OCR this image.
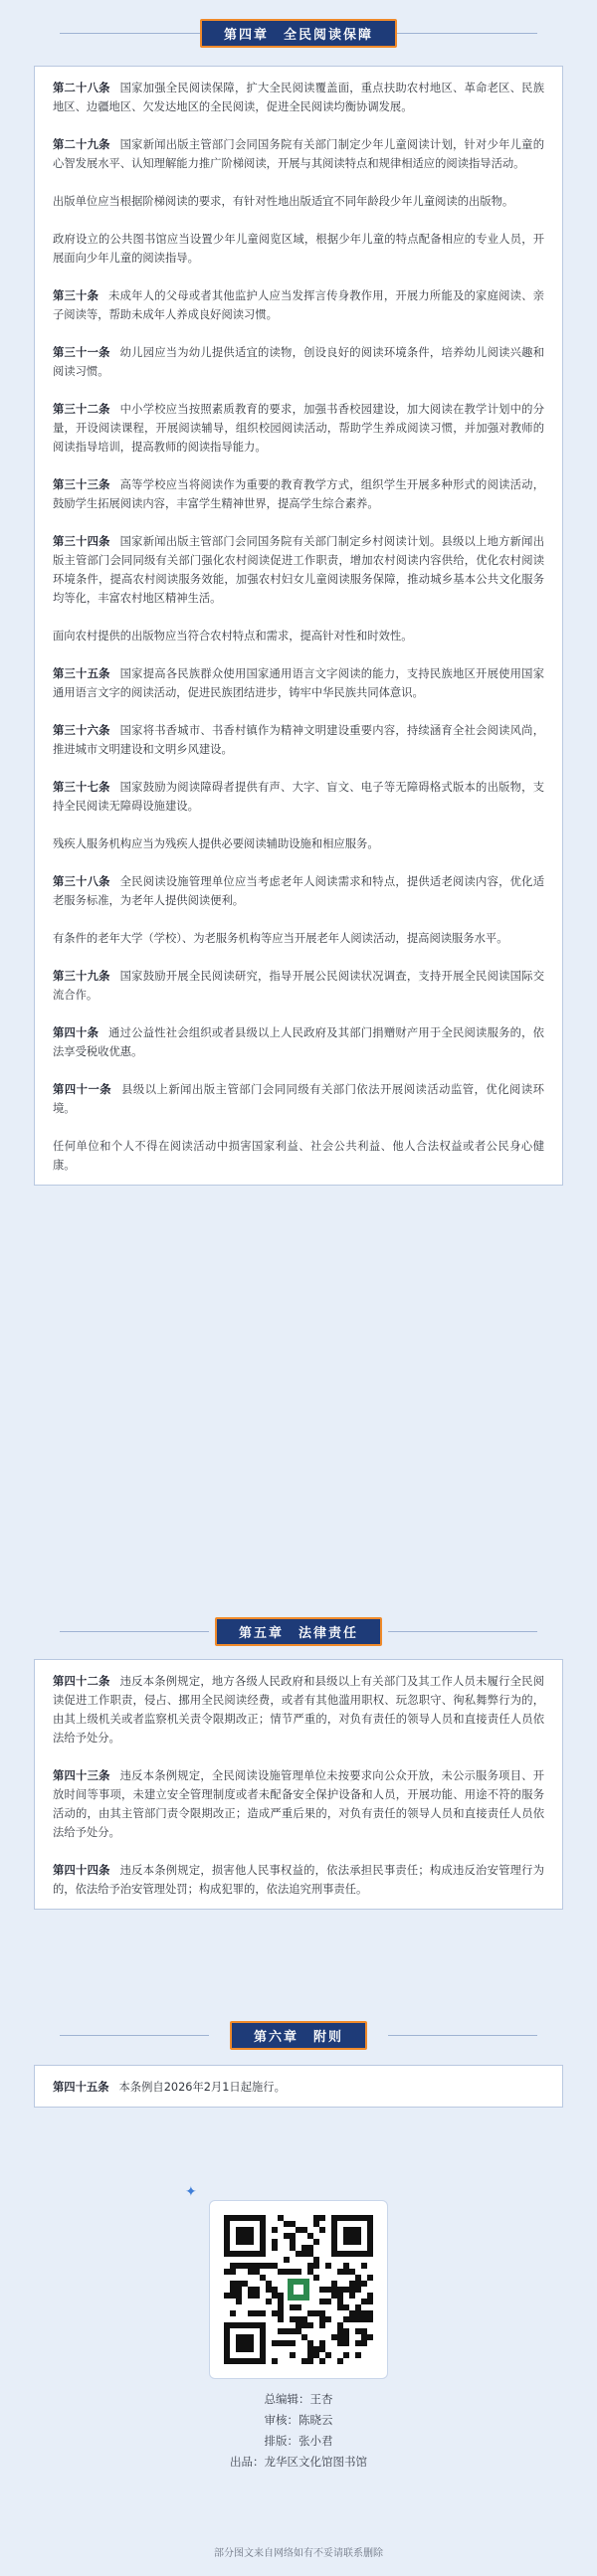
第四章　全民阅读保障

第二十八条 国家加强全民阅读保障，扩大全民阅读覆盖面，重点扶助农村地区、革命老区、民族地区、边疆地区、欠发达地区的全民阅读，促进全民阅读均衡协调发展。

第二十九条 国家新闻出版主管部门会同国务院有关部门制定少年儿童阅读计划，针对少年儿童的心智发展水平、认知理解能力推广阶梯阅读，开展与其阅读特点和规律相适应的阅读指导活动。

出版单位应当根据阶梯阅读的要求，有针对性地出版适宜不同年龄段少年儿童阅读的出版物。

政府设立的公共图书馆应当设置少年儿童阅览区域，根据少年儿童的特点配备相应的专业人员，开展面向少年儿童的阅读指导。

第三十条 未成年人的父母或者其他监护人应当发挥言传身教作用，开展力所能及的家庭阅读、亲子阅读等，帮助未成年人养成良好阅读习惯。

第三十一条 幼儿园应当为幼儿提供适宜的读物，创设良好的阅读环境条件，培养幼儿阅读兴趣和阅读习惯。

第三十二条 中小学校应当按照素质教育的要求，加强书香校园建设，加大阅读在教学计划中的分量，开设阅读课程，开展阅读辅导，组织校园阅读活动，帮助学生养成阅读习惯，并加强对教师的阅读指导培训，提高教师的阅读指导能力。

第三十三条 高等学校应当将阅读作为重要的教育教学方式，组织学生开展多种形式的阅读活动，鼓励学生拓展阅读内容，丰富学生精神世界，提高学生综合素养。

第三十四条 国家新闻出版主管部门会同国务院有关部门制定乡村阅读计划。县级以上地方新闻出版主管部门会同同级有关部门强化农村阅读促进工作职责，增加农村阅读内容供给，优化农村阅读环境条件，提高农村阅读服务效能，加强农村妇女儿童阅读服务保障，推动城乡基本公共文化服务均等化，丰富农村地区精神生活。

面向农村提供的出版物应当符合农村特点和需求，提高针对性和时效性。

第三十五条 国家提高各民族群众使用国家通用语言文字阅读的能力，支持民族地区开展使用国家通用语言文字的阅读活动，促进民族团结进步，铸牢中华民族共同体意识。

第三十六条 国家将书香城市、书香村镇作为精神文明建设重要内容，持续涵育全社会阅读风尚，推进城市文明建设和文明乡风建设。

第三十七条 国家鼓励为阅读障碍者提供有声、大字、盲文、电子等无障碍格式版本的出版物，支持全民阅读无障碍设施建设。

残疾人服务机构应当为残疾人提供必要阅读辅助设施和相应服务。

第三十八条 全民阅读设施管理单位应当考虑老年人阅读需求和特点，提供适老阅读内容，优化适老服务标准，为老年人提供阅读便利。

有条件的老年大学（学校）、为老服务机构等应当开展老年人阅读活动，提高阅读服务水平。

第三十九条 国家鼓励开展全民阅读研究，指导开展公民阅读状况调查，支持开展全民阅读国际交流合作。

第四十条 通过公益性社会组织或者县级以上人民政府及其部门捐赠财产用于全民阅读服务的，依法享受税收优惠。

第四十一条 县级以上新闻出版主管部门会同同级有关部门依法开展阅读活动监管，优化阅读环境。

任何单位和个人不得在阅读活动中损害国家利益、社会公共利益、他人合法权益或者公民身心健康。

第五章　法律责任

第四十二条 违反本条例规定，地方各级人民政府和县级以上有关部门及其工作人员未履行全民阅读促进工作职责，侵占、挪用全民阅读经费，或者有其他滥用职权、玩忽职守、徇私舞弊行为的，由其上级机关或者监察机关责令限期改正；情节严重的，对负有责任的领导人员和直接责任人员依法给予处分。

第四十三条 违反本条例规定，全民阅读设施管理单位未按要求向公众开放，未公示服务项目、开放时间等事项，未建立安全管理制度或者未配备安全保护设备和人员，开展功能、用途不符的服务活动的，由其主管部门责令限期改正；造成严重后果的，对负有责任的领导人员和直接责任人员依法给予处分。

第四十四条 违反本条例规定，损害他人民事权益的，依法承担民事责任；构成违反治安管理行为的，依法给予治安管理处罚；构成犯罪的，依法追究刑事责任。

第六章　附则

第四十五条 本条例自2026年2月1日起施行。

✦
总编辑：王杏
审核：陈晓云
排版：张小君
出品：龙华区文化馆图书馆
部分图文来自网络如有不妥请联系删除
